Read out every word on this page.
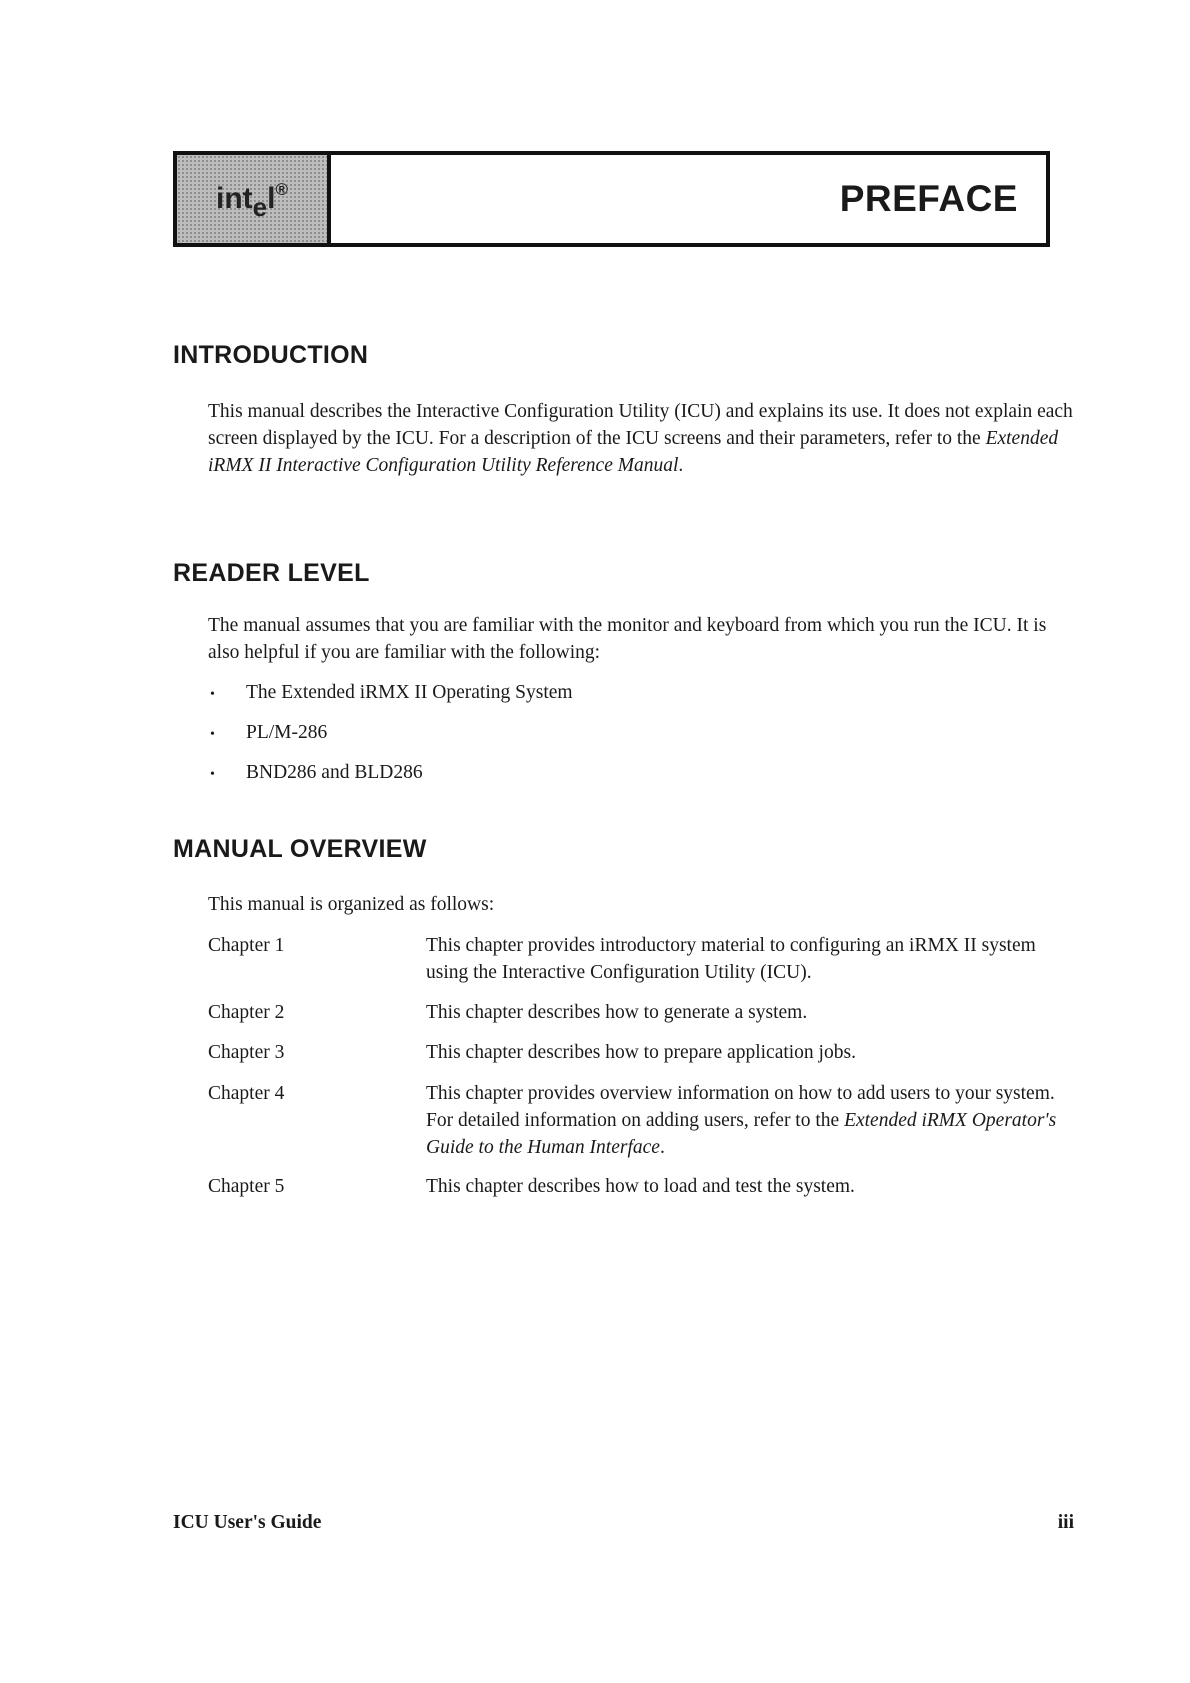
int e l ®	PREFACE
INTRODUCTION

This manual describes the Interactive Configuration Utility (ICU) and explains its use. It does not explain each screen displayed by the ICU. For a description of the ICU screens and their parameters, refer to the Extended iRMX II Interactive Configuration Utility Reference Manual.

READER LEVEL

The manual assumes that you are familiar with the monitor and keyboard from which you run the ICU. It is also helpful if you are familiar with the following:

• The Extended iRMX II Operating System

• PL/M-286

• BND286 and BLD286

MANUAL OVERVIEW

This manual is organized as follows:

Chapter 1	This chapter provides introductory material to configuring an iRMX II system using the Interactive Configuration Utility (ICU).
Chapter 2	This chapter describes how to generate a system.
Chapter 3	This chapter describes how to prepare application jobs.
Chapter 4	This chapter provides overview information on how to add users to your system. For detailed information on adding users, refer to the Extended iRMX Operator's Guide to the Human Interface.
Chapter 5	This chapter describes how to load and test the system.

ICU User's Guide	iii
